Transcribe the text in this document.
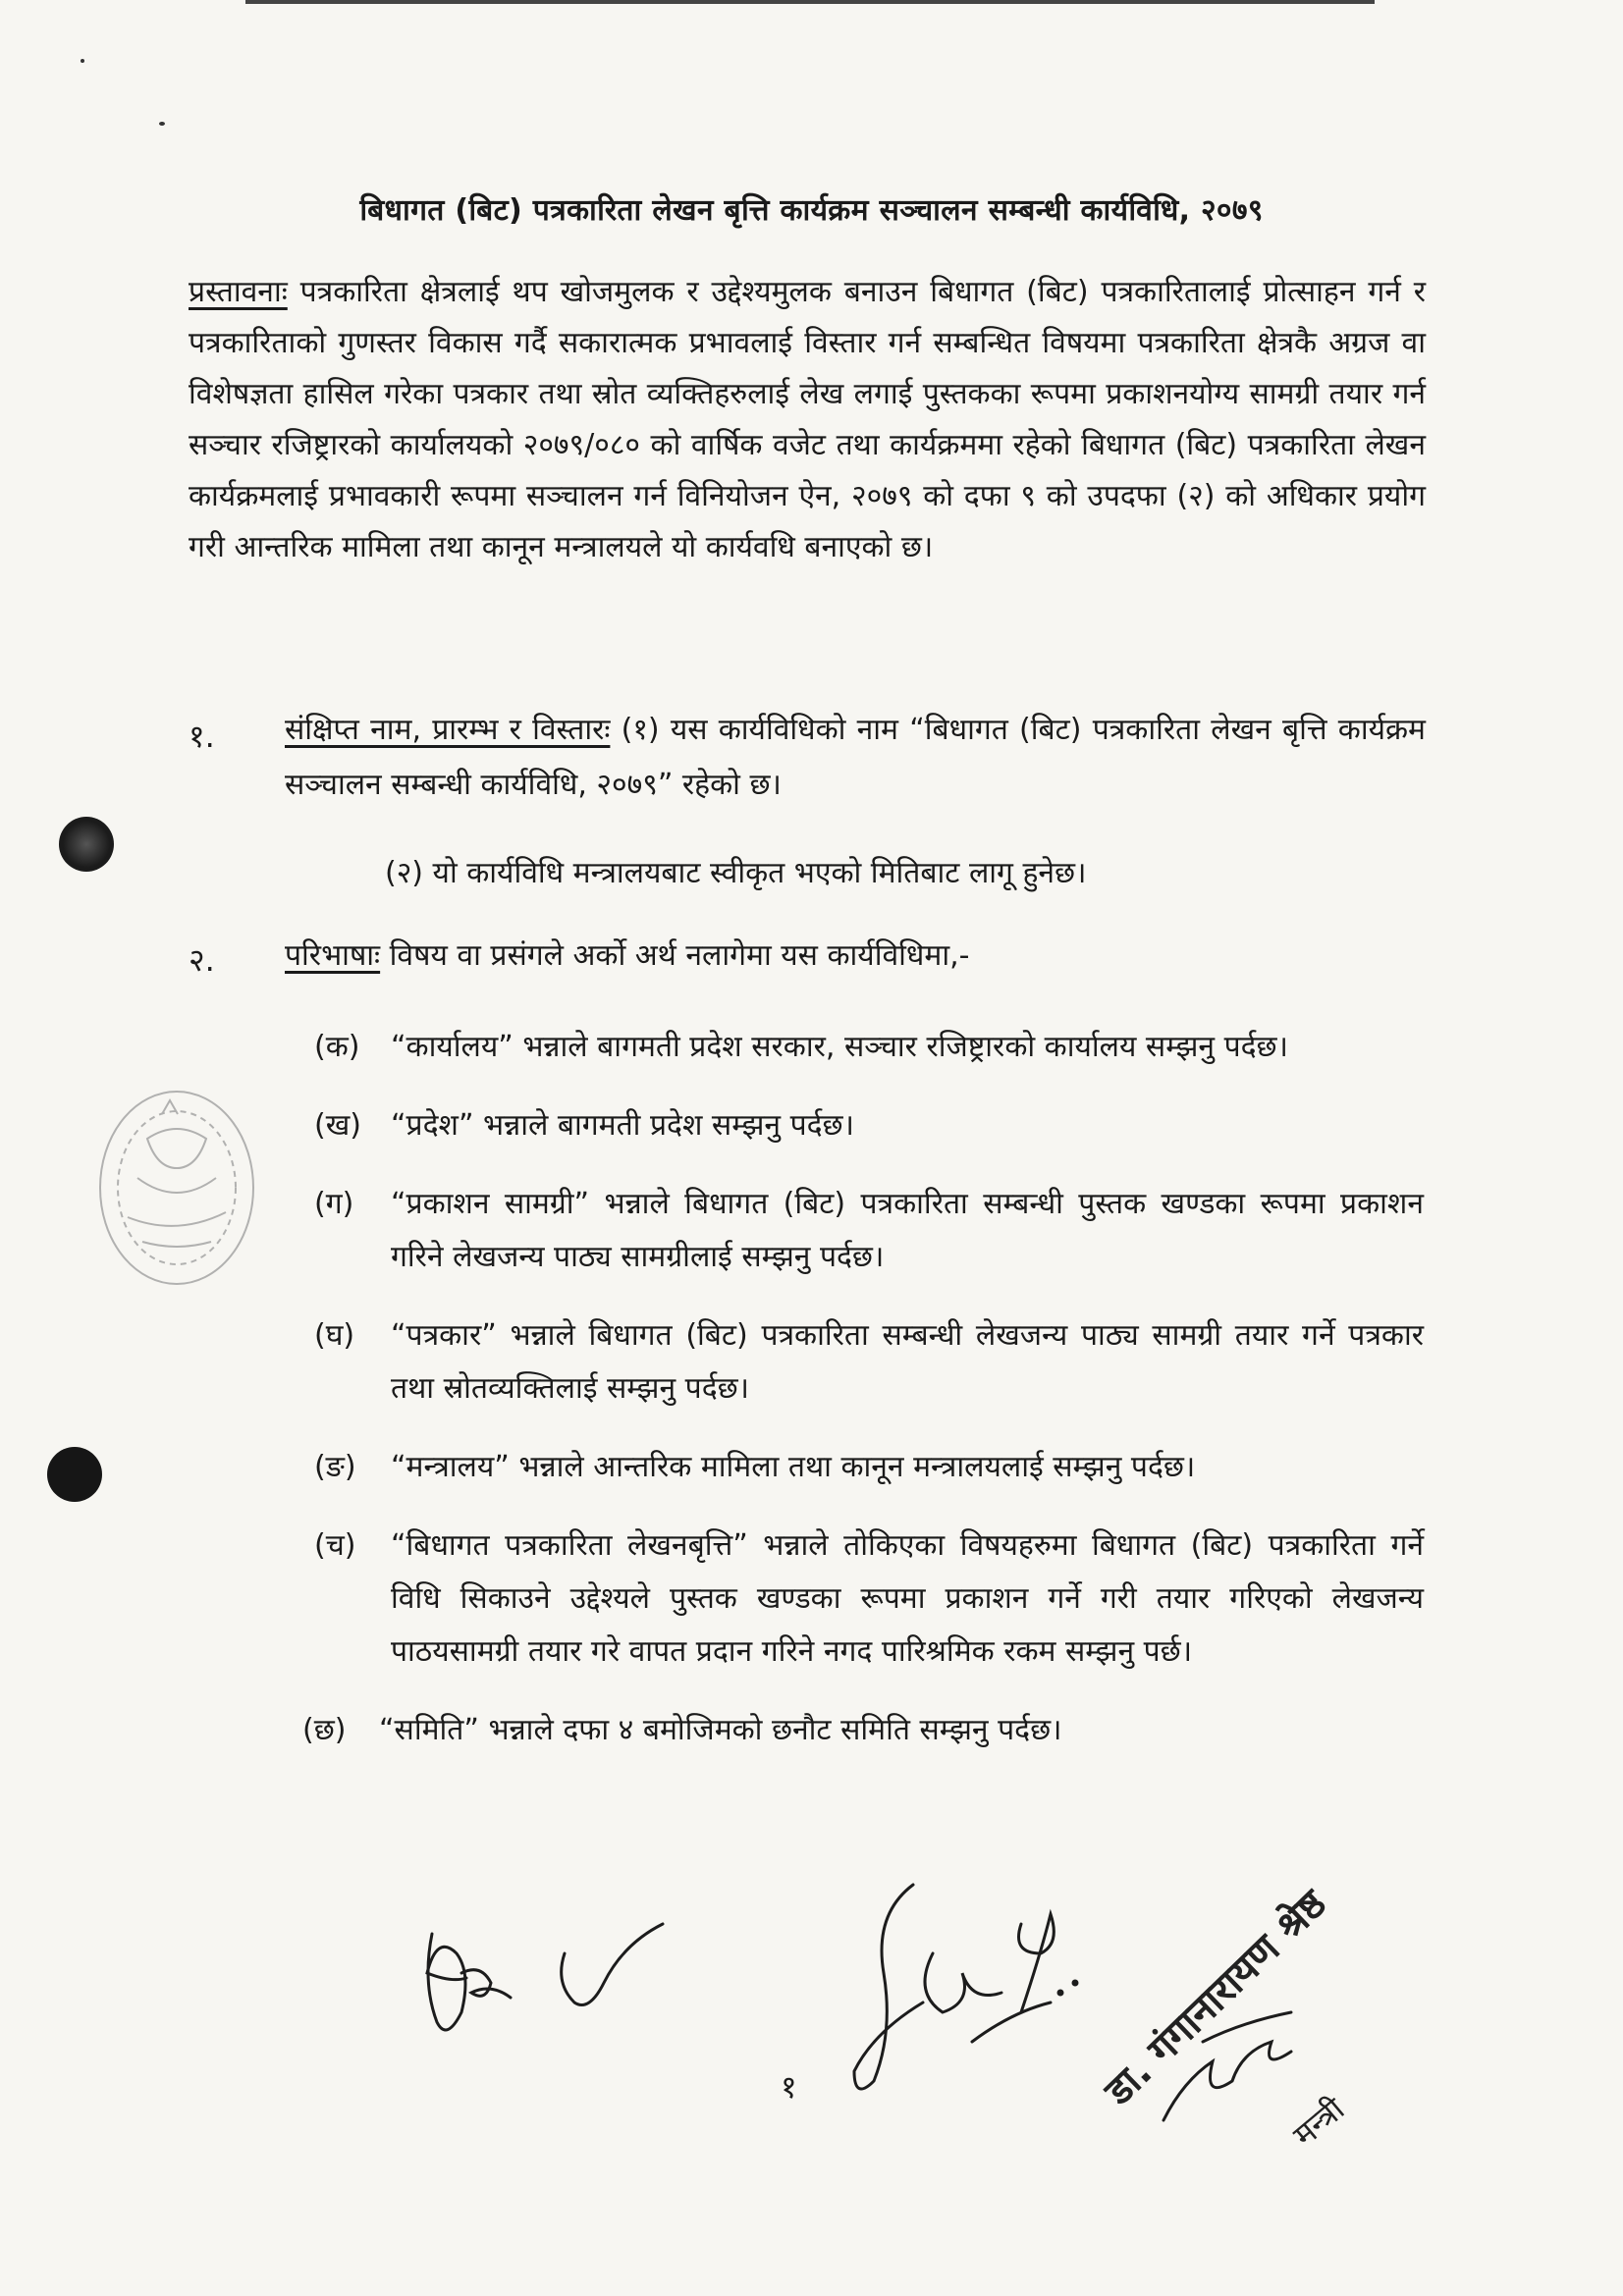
बिधागत (बिट) पत्रकारिता लेखन बृत्ति कार्यक्रम सञ्चालन सम्बन्धी कार्यविधि, २०७९
प्रस्तावनाः पत्रकारिता क्षेत्रलाई थप खोजमुलक र उद्देश्यमुलक बनाउन बिधागत (बिट) पत्रकारितालाई प्रोत्साहन गर्न र पत्रकारिताको गुणस्तर विकास गर्दै सकारात्मक प्रभावलाई विस्तार गर्न सम्बन्धित विषयमा पत्रकारिता क्षेत्रकै अग्रज वा विशेषज्ञता हासिल गरेका पत्रकार तथा स्रोत व्यक्तिहरुलाई लेख लगाई पुस्तकका रूपमा प्रकाशनयोग्य सामग्री तयार गर्न सञ्चार रजिष्ट्रारको कार्यालयको २०७९/०८० को वार्षिक वजेट तथा कार्यक्रममा रहेको बिधागत (बिट) पत्रकारिता लेखन कार्यक्रमलाई प्रभावकारी रूपमा सञ्चालन गर्न विनियोजन ऐन, २०७९ को दफा ९ को उपदफा (२) को अधिकार प्रयोग गरी आन्तरिक मामिला तथा कानून मन्त्रालयले यो कार्यवधि बनाएको छ।
१. संक्षिप्त नाम, प्रारम्भ र विस्तारः (१) यस कार्यविधिको नाम “बिधागत (बिट) पत्रकारिता लेखन बृत्ति कार्यक्रम सञ्चालन सम्बन्धी कार्यविधि, २०७९” रहेको छ।
(२) यो कार्यविधि मन्त्रालयबाट स्वीकृत भएको मितिबाट लागू हुनेछ।
२. परिभाषाः विषय वा प्रसंगले अर्को अर्थ नलागेमा यस कार्यविधिमा,-
(क)	“कार्यालय” भन्नाले बागमती प्रदेश सरकार, सञ्चार रजिष्ट्रारको कार्यालय सम्झनु पर्दछ।
(ख)	“प्रदेश” भन्नाले बागमती प्रदेश सम्झनु पर्दछ।
(ग)	“प्रकाशन सामग्री” भन्नाले बिधागत (बिट) पत्रकारिता सम्बन्धी पुस्तक खण्डका रूपमा प्रकाशन गरिने लेखजन्य पाठ्य सामग्रीलाई सम्झनु पर्दछ।
(घ)	“पत्रकार” भन्नाले बिधागत (बिट) पत्रकारिता सम्बन्धी लेखजन्य पाठ्य सामग्री तयार गर्ने पत्रकार तथा स्रोतव्यक्तिलाई सम्झनु पर्दछ।
(ङ)	“मन्त्रालय” भन्नाले आन्तरिक मामिला तथा कानून मन्त्रालयलाई सम्झनु पर्दछ।
(च)	“बिधागत पत्रकारिता लेखनबृत्ति” भन्नाले तोकिएका विषयहरुमा बिधागत (बिट) पत्रकारिता गर्ने विधि सिकाउने उद्देश्यले पुस्तक खण्डका रूपमा प्रकाशन गर्ने गरी तयार गरिएको लेखजन्य पाठयसामग्री तयार गरे वापत प्रदान गरिने नगद पारिश्रमिक रकम सम्झनु पर्छ।
(छ)	“समिति” भन्नाले दफा ४ बमोजिमको छनौट समिति सम्झनु पर्दछ।
१	डा. गंगानारायण श्रेष्ठ
मन्त्री
